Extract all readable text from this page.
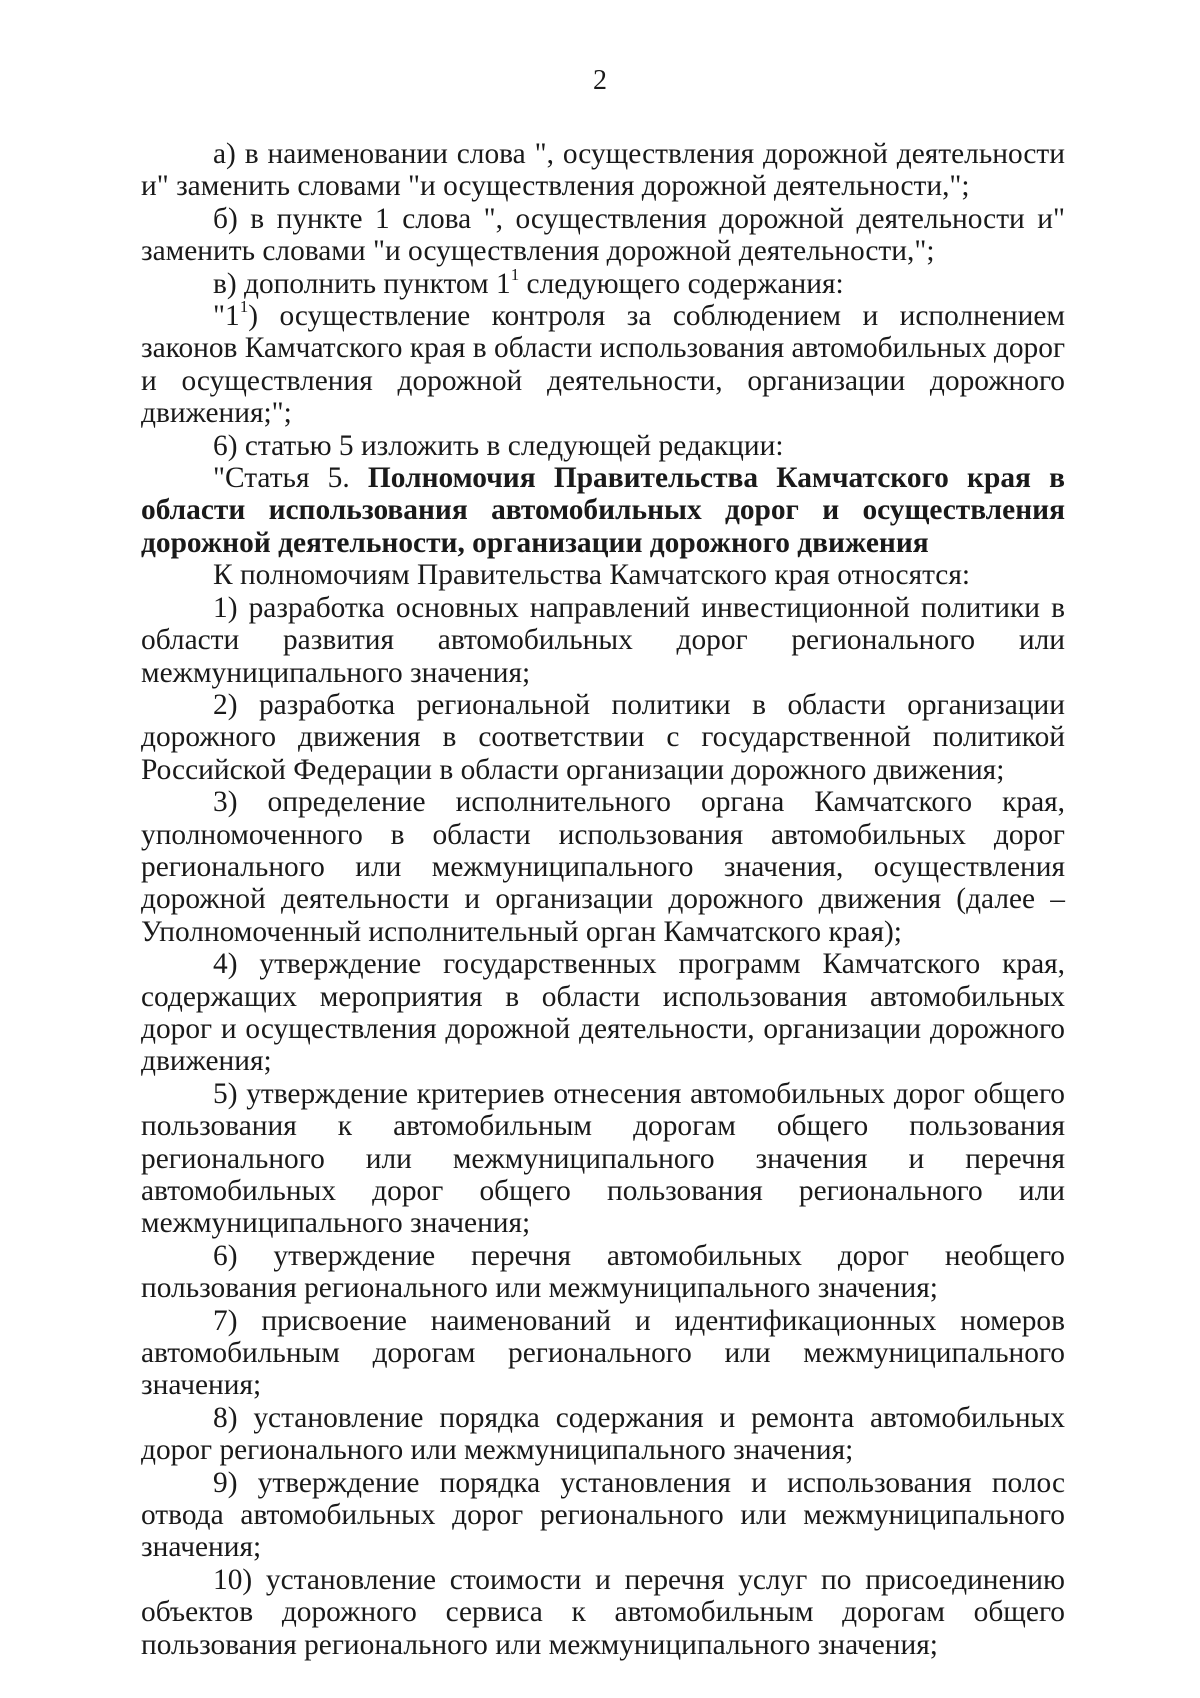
2

а) в наименовании слова ", осуществления дорожной деятельности и" заменить словами "и осуществления дорожной деятельности,";

б) в пункте 1 слова ", осуществления дорожной деятельности и" заменить словами "и осуществления дорожной деятельности,";

в) дополнить пунктом $1^1$ следующего содержания:

"$1^1$) осуществление контроля за соблюдением и исполнением законов Камчатского края в области использования автомобильных дорог и осуществления дорожной деятельности, организации дорожного движения;";

6) статью 5 изложить в следующей редакции:

"Статья 5. Полномочия Правительства Камчатского края в области использования автомобильных дорог и осуществления дорожной деятельности, организации дорожного движения

К полномочиям Правительства Камчатского края относятся:

1) разработка основных направлений инвестиционной политики в области развития автомобильных дорог регионального или межмуниципального значения;

2) разработка региональной политики в области организации дорожного движения в соответствии с государственной политикой Российской Федерации в области организации дорожного движения;

3) определение исполнительного органа Камчатского края, уполномоченного в области использования автомобильных дорог регионального или межмуниципального значения, осуществления дорожной деятельности и организации дорожного движения (далее – Уполномоченный исполнительный орган Камчатского края);

4) утверждение государственных программ Камчатского края, содержащих мероприятия в области использования автомобильных дорог и осуществления дорожной деятельности, организации дорожного движения;

5) утверждение критериев отнесения автомобильных дорог общего пользования к автомобильным дорогам общего пользования регионального или межмуниципального значения и перечня автомобильных дорог общего пользования регионального или межмуниципального значения;

6) утверждение перечня автомобильных дорог необщего пользования регионального или межмуниципального значения;

7) присвоение наименований и идентификационных номеров автомобильным дорогам регионального или межмуниципального значения;

8) установление порядка содержания и ремонта автомобильных дорог регионального или межмуниципального значения;

9) утверждение порядка установления и использования полос отвода автомобильных дорог регионального или межмуниципального значения;

10) установление стоимости и перечня услуг по присоединению объектов дорожного сервиса к автомобильным дорогам общего пользования регионального или межмуниципального значения;
